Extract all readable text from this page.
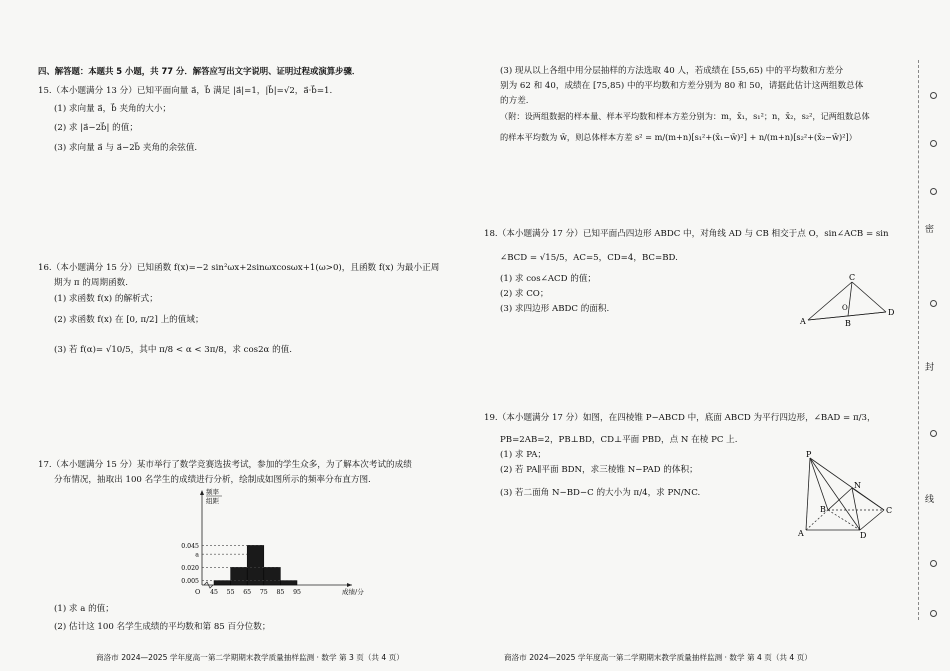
四、解答题：本题共 5 小题，共 77 分．解答应写出文字说明、证明过程或演算步骤．
15.（本小题满分 13 分）已知平面向量 a⃗，b⃗ 满足 |a⃗|=1，|b⃗|=√2，a⃗·b⃗=1.
(1) 求向量 a⃗，b⃗ 夹角的大小；
(2) 求 |a⃗−2b⃗| 的值；
(3) 求向量 a⃗ 与 a⃗−2b⃗ 夹角的余弦值.
16.（本小题满分 15 分）已知函数 f(x)=−2 sin²ωx+2sinωxcosωx+1(ω>0)，且函数 f(x) 为最小正周
期为 π 的周期函数.
(1) 求函数 f(x) 的解析式；
(2) 求函数 f(x) 在 [0, π/2] 上的值域；
(3) 若 f(α)= √10/5，其中 π/8 < α < 3π/8，求 cos2α 的值.
17.（本小题满分 15 分）某市举行了数学竞赛选拔考试，参加的学生众多，为了解本次考试的成绩
分布情况，抽取出 100 名学生的成绩进行分析，绘制成如图所示的频率分布直方图.
0.045
a
0.020
0.005
45 55 65 75 85 95
O	成绩/分
频率
组距
(1) 求 a 的值；
(2) 估计这 100 名学生成绩的平均数和第 85 百分位数；
商洛市 2024—2025 学年度高一第二学期期末教学质量抽样监测 · 数学 第 3 页（共 4 页）
(3) 现从以上各组中用分层抽样的方法选取 40 人，若成绩在 [55,65) 中的平均数和方差分
别为 62 和 40，成绩在 [75,85) 中的平均数和方差分别为 80 和 50，请据此估计这两组数总体
的方差.
（附：设两组数据的样本量、样本平均数和样本方差分别为：m，x̄₁，s₁²；n，x̄₂，s₂²，记两组数总体
的样本平均数为 w̄，则总体样本方差 s² = m/(m+n)[s₁²+(x̄₁−w̄)²] + n/(m+n)[s₂²+(x̄₂−w̄)²]）
18.（本小题满分 17 分）已知平面凸四边形 ABDC 中，对角线 AD 与 CB 相交于点 O，sin∠ACB = sin
∠BCD = √15/5，AC=5，CD=4，BC=BD.
(1) 求 cos∠ACD 的值；
(2) 求 CO；
(3) 求四边形 ABDC 的面积.
C
O
A	B
D
19.（本小题满分 17 分）如图，在四棱锥 P−ABCD 中，底面 ABCD 为平行四边形，∠BAD = π/3，
PB=2AB=2，PB⊥BD，CD⊥平面 PBD，点 N 在棱 PC 上.
(1) 求 PA；
(2) 若 PA∥平面 BDN，求三棱锥 N−PAD 的体积；
(3) 若二面角 N−BD−C 的大小为 π/4，求 PN/NC.
P
N
B	C
A	D
商洛市 2024—2025 学年度高一第二学期期末教学质量抽样监测 · 数学 第 4 页（共 4 页）
密
封
线
